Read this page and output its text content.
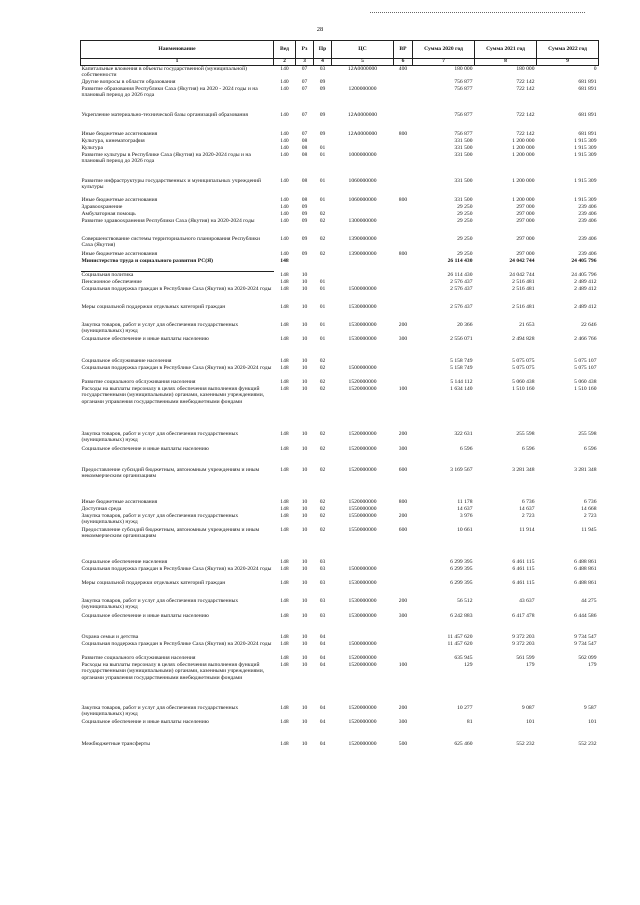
28
Наименование	Вед	Рз	Пр	ЦС	ВР	Сумма 2020 год	Сумма 2021 год	Сумма 2022 год
1	2	3	4	5	6	7	8	9
Капитальные вложения в объекты государственной (муниципальной) собственности	140	07	03	12А0000000	400	180 000	180 000	0
Другие вопросы в области образования	140	07	09			756 877	722 142	681 891
Развитие образования Республики Саха (Якутия) на 2020 - 2024 годы и на плановый период до 2026 года	140	07	09	1200000000		756 877	722 142	681 891
Укрепление материально-технической базы организаций образования	140	07	09	12А0000000		756 877	722 142	681 891
Иные бюджетные ассигнования	140	07	09	12А0000000	800	756 877	722 142	681 891
Культура, кинематография	140	08				331 500	1 200 000	1 915 309
Культура	140	08	01			331 500	1 200 000	1 915 309
Развитие культуры в Республике Саха (Якутия) на 2020-2024 годы и на плановый период до 2026 года	140	08	01	1000000000		331 500	1 200 000	1 915 309
Развитие инфраструктуры государственных и муниципальных учреждений культуры	140	08	01	1060000000		331 500	1 200 000	1 915 309
Иные бюджетные ассигнования	140	08	01	1060000000	800	331 500	1 200 000	1 915 309
Здравоохранение	140	09				29 250	297 000	239 406
Амбулаторная помощь	140	09	02			29 250	297 000	239 406
Развитие здравоохранения Республики Саха (Якутия) на 2020-2024 годы	140	09	02	1300000000		29 250	297 000	239 406
Совершенствование системы территориального планирования Республики Саха (Якутия)	140	09	02	1390000000		29 250	297 000	239 406
Иные бюджетные ассигнования	140	09	02	1390000000	800	29 250	297 000	239 406
Министерство труда и социального развития РС(Я)	148					26 114 430	24 042 744	24 405 796
Социальная политика	148	10				26 114 430	24 042 744	24 405 796
Пенсионное обеспечение	148	10	01			2 576 437	2 516 481	2 489 412
Социальная поддержка граждан в Республике Саха (Якутия) на 2020-2024 годы	148	10	01	1500000000		2 576 437	2 516 481	2 489 412
Меры социальной поддержки отдельных категорий граждан	148	10	01	1530000000		2 576 437	2 516 481	2 489 412
Закупка товаров, работ и услуг для обеспечения государственных (муниципальных) нужд	148	10	01	1530000000	200	20 366	21 653	22 646
Социальное обеспечение и иные выплаты населению	148	10	01	1530000000	300	2 556 071	2 494 828	2 466 766
Социальное обслуживание населения	148	10	02			5 158 749	5 075 075	5 075 107
Социальная поддержка граждан в Республике Саха (Якутия) на 2020-2024 годы	148	10	02	1500000000		5 158 749	5 075 075	5 075 107
Развитие социального обслуживания населения	148	10	02	1520000000		5 144 112	5 060 438	5 060 438
Расходы на выплаты персоналу в целях обеспечения выполнения функций государственными (муниципальными) органами, казенными учреждениями, органами управления государственными внебюджетными фондами	148	10	02	1520000000	100	1 634 140	1 510 160	1 510 160
Закупка товаров, работ и услуг для обеспечения государственных (муниципальных) нужд	148	10	02	1520000000	200	322 631	255 598	255 598
Социальное обеспечение и иные выплаты населению	148	10	02	1520000000	300	6 596	6 596	6 596
Предоставление субсидий бюджетным, автономным учреждениям и иным некоммерческим организациям	148	10	02	1520000000	600	3 169 567	3 281 348	3 281 348
Иные бюджетные ассигнования	148	10	02	1520000000	800	11 178	6 736	6 736
Доступная среда	148	10	02	1550000000		14 637	14 637	14 668
Закупка товаров, работ и услуг для обеспечения государственных (муниципальных) нужд	148	10	02	1550000000	200	3 976	2 723	2 723
Предоставление субсидий бюджетным, автономным учреждениям и иным некоммерческим организациям	148	10	02	1550000000	600	10 661	11 914	11 945
Социальное обеспечение населения	148	10	03			6 299 395	6 461 115	6 488 861
Социальная поддержка граждан в Республике Саха (Якутия) на 2020-2024 годы	148	10	03	1500000000		6 299 395	6 461 115	6 488 861
Меры социальной поддержки отдельных категорий граждан	148	10	03	1530000000		6 299 395	6 461 115	6 488 861
Закупка товаров, работ и услуг для обеспечения государственных (муниципальных) нужд	148	10	03	1530000000	200	56 512	43 637	44 275
Социальное обеспечение и иные выплаты населению	148	10	03	1530000000	300	6 242 883	6 417 478	6 444 586
Охрана семьи и детства	148	10	04			11 457 620	9 372 203	9 734 547
Социальная поддержка граждан в Республике Саха (Якутия) на 2020-2024 годы	148	10	04	1500000000		11 457 620	9 372 203	9 734 547
Развитие социального обслуживания населения	148	10	04	1520000000		635 945	561 599	562 099
Расходы на выплаты персоналу в целях обеспечения выполнения функций государственными (муниципальными) органами, казенными учреждениями, органами управления государственными внебюджетными фондами	148	10	04	1520000000	100	129	179	179
Закупка товаров, работ и услуг для обеспечения государственных (муниципальных) нужд	148	10	04	1520000000	200	10 277	9 087	9 587
Социальное обеспечение и иные выплаты населению	148	10	04	1520000000	300	81	101	101
Межбюджетные трансферты	148	10	04	1520000000	500	625 460	552 232	552 232
